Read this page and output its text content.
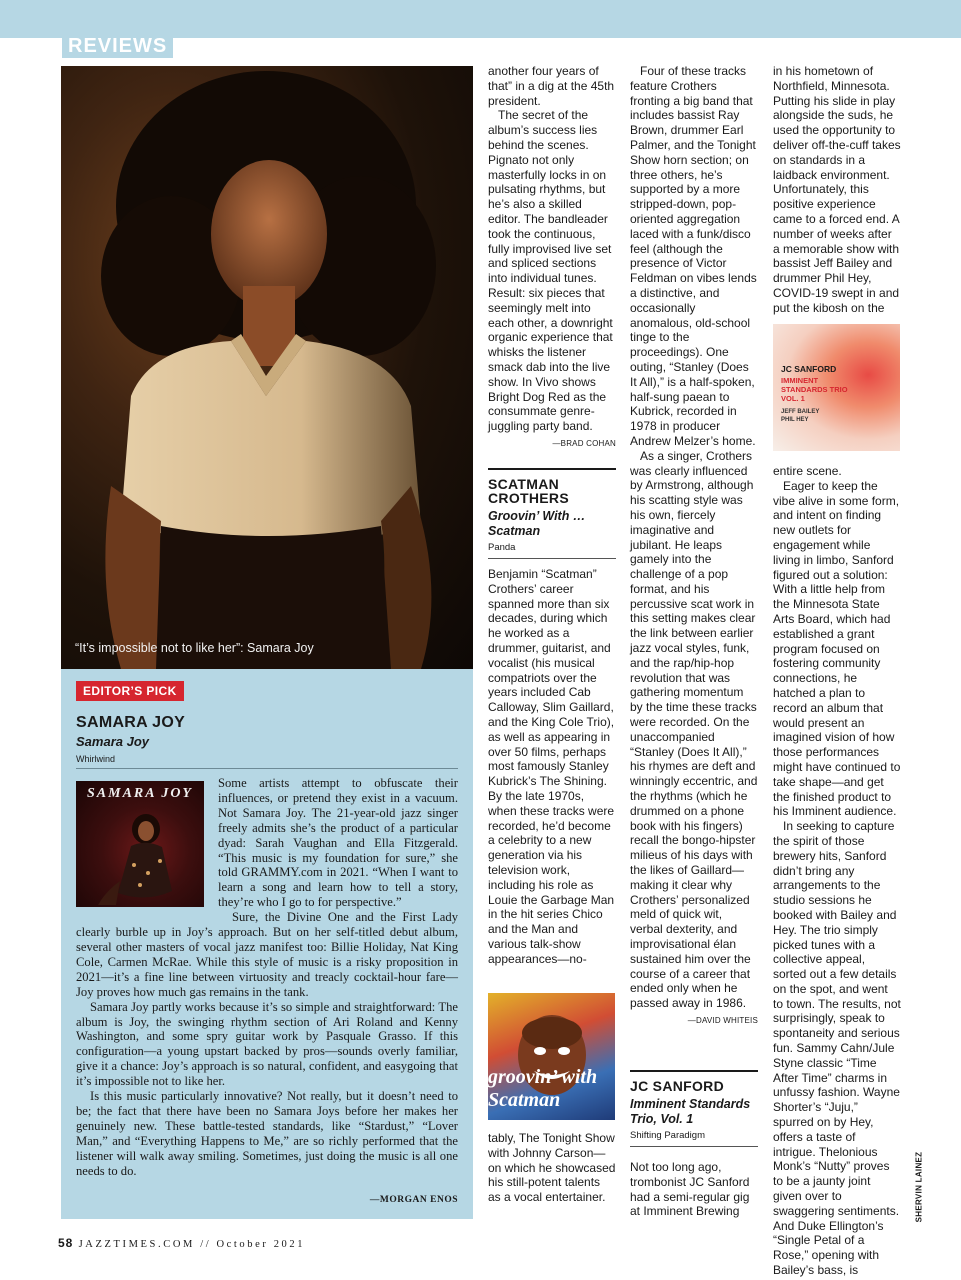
REVIEWS
“It’s impossible not to like her”: Samara Joy
EDITOR’S PICK
SAMARA JOY
Samara Joy
Whirlwind
SAMARA JOY

Some artists attempt to obfuscate their influences, or pretend they exist in a vacuum. Not Samara Joy. The 21-year-old jazz singer freely admits she’s the product of a particular dyad: Sarah Vaughan and Ella Fitzgerald. “This music is my foundation for sure,” she told GRAMMY.com in 2021. “When I want to learn a song and learn how to tell a story, they’re who I go to for perspective.”

Sure, the Divine One and the First Lady clearly burble up in Joy’s approach. But on her self-titled debut album, several other masters of vocal jazz manifest too: Billie Holiday, Nat King Cole, Carmen McRae. While this style of music is a risky proposition in 2021—it’s a fine line between virtuosity and treacly cocktail-hour fare—Joy proves how much gas remains in the tank.

Samara Joy partly works because it’s so simple and straightforward: The album is Joy, the swinging rhythm section of Ari Roland and Kenny Washington, and some spry guitar work by Pasquale Grasso. If this configuration—a young upstart backed by pros—sounds overly familiar, give it a chance: Joy’s approach is so natural, confident, and easygoing that it’s impossible not to like her.

Is this music particularly innovative? Not really, but it doesn’t need to be; the fact that there have been no Samara Joys before her makes her genuinely new. These battle-tested standards, like “Stardust,” “Lover Man,” and “Everything Happens to Me,” are so richly performed that the listener will walk away smiling. Sometimes, just doing the music is all one needs to do.

—MORGAN ENOS

another four years of that” in a dig at the 45th president.

The secret of the album’s success lies behind the scenes. Pignato not only masterfully locks in on pulsating rhythms, but he’s also a skilled editor. The bandleader took the continuous, fully improvised live set and spliced sections into individual tunes. Result: six pieces that seemingly melt into each other, a downright organic experience that whisks the listener smack dab into the live show. In Vivo shows Bright Dog Red as the consummate genre-juggling party band.

—BRAD COHAN
SCATMAN CROTHERS
Groovin’ With … Scatman
Panda

Benjamin “Scatman” Crothers’ career spanned more than six decades, during which he worked as a drummer, guitarist, and vocalist (his musical compatriots over the years included Cab Calloway, Slim Gaillard, and the King Cole Trio), as well as appearing in over 50 films, perhaps most famously Stanley Kubrick’s The Shining. By the late 1970s, when these tracks were recorded, he’d become a celebrity to a new generation via his television work, including his role as Louie the Garbage Man in the hit series Chico and the Man and various talk-show appearances—no-

groovin’ with Scatman

tably, The Tonight Show with Johnny Carson—on which he showcased his still-potent talents as a vocal entertainer.

Four of these tracks feature Crothers fronting a big band that includes bassist Ray Brown, drummer Earl Palmer, and the Tonight Show horn section; on three others, he’s supported by a more stripped-down, pop-oriented aggregation laced with a funk/disco feel (although the presence of Victor Feldman on vibes lends a distinctive, and occasionally anomalous, old-school tinge to the proceedings). One outing, “Stanley (Does It All),” is a half-spoken, half-sung paean to Kubrick, recorded in 1978 in producer Andrew Melzer’s home.

As a singer, Crothers was clearly influenced by Armstrong, although his scatting style was his own, fiercely imaginative and jubilant. He leaps gamely into the challenge of a pop format, and his percussive scat work in this setting makes clear the link between earlier jazz vocal styles, funk, and the rap/hip-hop revolution that was gathering momentum by the time these tracks were recorded. On the unaccompanied “Stanley (Does It All),” his rhymes are deft and winningly eccentric, and the rhythms (which he drummed on a phone book with his fingers) recall the bongo-hipster milieus of his days with the likes of Gaillard—making it clear why Crothers’ personalized meld of quick wit, verbal dexterity, and improvisational élan sustained him over the course of a career that ended only when he passed away in 1986.

—DAVID WHITEIS
JC SANFORD
Imminent Standards Trio, Vol. 1
Shifting Paradigm

Not too long ago, trombonist JC Sanford had a semi-regular gig at Imminent Brewing

in his hometown of Northfield, Minnesota. Putting his slide in play alongside the suds, he used the opportunity to deliver off-the-cuff takes on standards in a laidback environment. Unfortunately, this positive experience came to a forced end. A number of weeks after a memorable show with bassist Jeff Bailey and drummer Phil Hey, COVID-19 swept in and put the kibosh on the

JC SANFORD
IMMINENT STANDARDS TRIO VOL. 1
JEFF BAILEY PHIL HEY

entire scene.

Eager to keep the vibe alive in some form, and intent on finding new outlets for engagement while living in limbo, Sanford figured out a solution: With a little help from the Minnesota State Arts Board, which had established a grant program focused on fostering community connections, he hatched a plan to record an album that would present an imagined vision of how those performances might have continued to take shape—and get the finished product to his Imminent audience.

In seeking to capture the spirit of those brewery hits, Sanford didn’t bring any arrangements to the studio sessions he booked with Bailey and Hey. The trio simply picked tunes with a collective appeal, sorted out a few details on the spot, and went to town. The results, not surprisingly, speak to spontaneity and serious fun. Sammy Cahn/Jule Styne classic “Time After Time” charms in unfussy fashion. Wayne Shorter’s “Juju,” spurred on by Hey, offers a taste of intrigue. Thelonious Monk’s “Nutty” proves to be a jaunty joint given over to swaggering sentiments. And Duke Ellington’s “Single Petal of a Rose,” opening with Bailey’s bass, is

SHERVIN LAINEZ
58 JAZZTIMES.COM // October 2021
